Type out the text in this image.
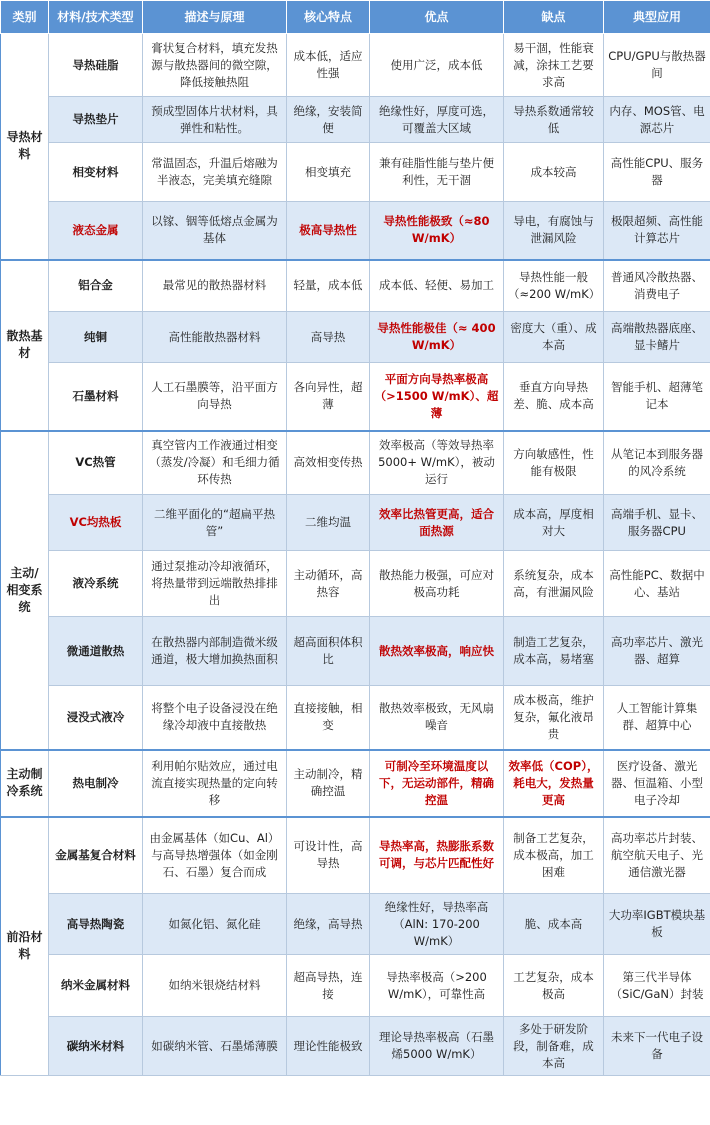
类别	材料/技术类型	描述与原理	核心特点	优点	缺点	典型应用
导热材料	导热硅脂	膏状复合材料，填充发热源与散热器间的微空隙，降低接触热阻	成本低，适应性强	使用广泛，成本低	易干涸，性能衰减，涂抹工艺要求高	CPU/GPU与散热器间
	导热垫片	预成型固体片状材料，具弹性和粘性。	绝缘，安装简便	绝缘性好，厚度可选，可覆盖大区域	导热系数通常较低	内存、MOS管、电源芯片
	相变材料	常温固态，升温后熔融为半液态，完美填充缝隙	相变填充	兼有硅脂性能与垫片便利性，无干涸	成本较高	高性能CPU、服务器
	液态金属	以镓、铟等低熔点金属为基体	极高导热性	导热性能极致（≈80 W/mK）	导电，有腐蚀与泄漏风险	极限超频、高性能计算芯片
散热基材	铝合金	最常见的散热器材料	轻量，成本低	成本低、轻便、易加工	导热性能一般（≈200 W/mK）	普通风冷散热器、消费电子
	纯铜	高性能散热器材料	高导热	导热性能极佳（≈ 400 W/mK）	密度大（重）、成本高	高端散热器底座、显卡鳍片
	石墨材料	人工石墨膜等，沿平面方向导热	各向异性，超薄	平面方向导热率极高（>1500 W/mK）、超薄	垂直方向导热差、脆、成本高	智能手机、超薄笔记本
主动/相变系统	VC热管	真空管内工作液通过相变（蒸发/冷凝）和毛细力循环传热	高效相变传热	效率极高（等效导热率5000+ W/mK），被动运行	方向敏感性，性能有极限	从笔记本到服务器的风冷系统
	VC均热板	二维平面化的“超扁平热管”	二维均温	效率比热管更高，适合面热源	成本高，厚度相对大	高端手机、显卡、服务器CPU
	液冷系统	通过泵推动冷却液循环，将热量带到远端散热排排出	主动循环，高热容	散热能力极强，可应对极高功耗	系统复杂，成本高，有泄漏风险	高性能PC、数据中心、基站
	微通道散热	在散热器内部制造微米级通道，极大增加换热面积	超高面积体积比	散热效率极高，响应快	制造工艺复杂，成本高，易堵塞	高功率芯片、激光器、超算
	浸没式液冷	将整个电子设备浸没在绝缘冷却液中直接散热	直接接触，相变	散热效率极致，无风扇噪音	成本极高，维护复杂，氟化液昂贵	人工智能计算集群、超算中心
主动制冷系统	热电制冷	利用帕尔贴效应，通过电流直接实现热量的定向转移	主动制冷，精确控温	可制冷至环境温度以下，无运动部件，精确控温	效率低（COP），耗电大，发热量更高	医疗设备、激光器、恒温箱、小型电子冷却
前沿材料	金属基复合材料	由金属基体（如Cu、Al）与高导热增强体（如金刚石、石墨）复合而成	可设计性，高导热	导热率高，热膨胀系数可调，与芯片匹配性好	制备工艺复杂，成本极高，加工困难	高功率芯片封装、航空航天电子、光通信激光器
	高导热陶瓷	如氮化铝、氮化硅	绝缘，高导热	绝缘性好，导热率高（AlN: 170-200 W/mK）	脆、成本高	大功率IGBT模块基板
	纳米金属材料	如纳米银烧结材料	超高导热，连接	导热率极高（>200 W/mK），可靠性高	工艺复杂，成本极高	第三代半导体（SiC/GaN）封装
	碳纳米材料	如碳纳米管、石墨烯薄膜	理论性能极致	理论导热率极高（石墨烯5000 W/mK）	多处于研发阶段，制备难，成本高	未来下一代电子设备
